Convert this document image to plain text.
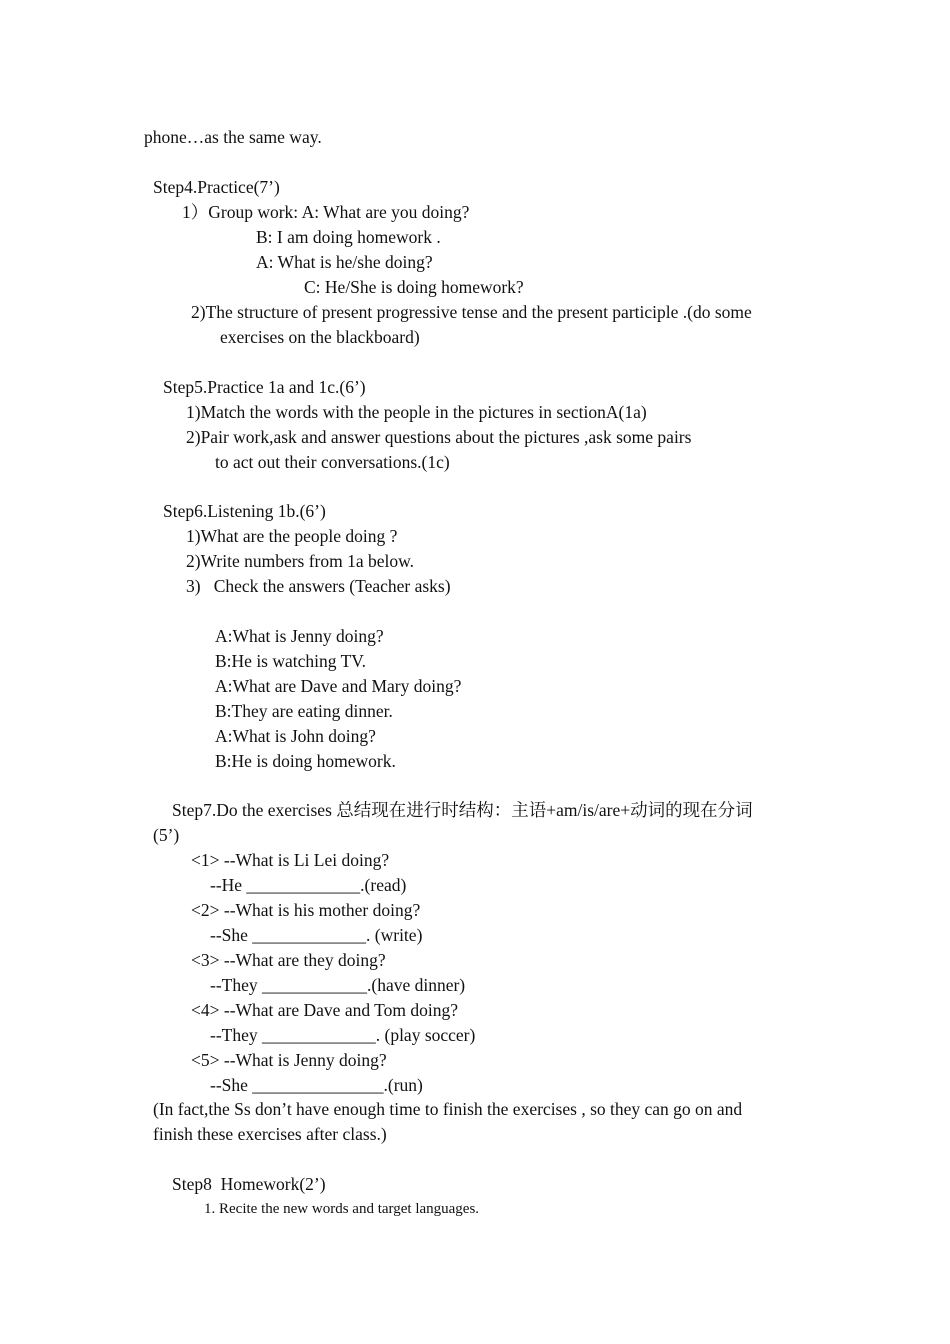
phone…as the same way.
Step4.Practice(7’)
1）Group work: A: What are you doing?
B: I am doing homework .
A: What is he/she doing?
C: He/She is doing homework?
2)The structure of present progressive tense and the present participle .(do some
exercises on the blackboard)
Step5.Practice 1a and 1c.(6’)
1)Match the words with the people in the pictures in sectionA(1a)
2)Pair work,ask and answer questions about the pictures ,ask some pairs
to act out their conversations.(1c)
Step6.Listening 1b.(6’)
1)What are the people doing ?
2)Write numbers from 1a below.
3)   Check the answers (Teacher asks)
A:What is Jenny doing?
B:He is watching TV.
A:What are Dave and Mary doing?
B:They are eating dinner.
A:What is John doing?
B:He is doing homework.
Step7.Do the exercises 总结现在进行时结构：主语+am/is/are+动词的现在分词
(5’)
<1> --What is Li Lei doing?
--He _____________.(read)
<2> --What is his mother doing?
--She _____________. (write)
<3> --What are they doing?
--They ____________.(have dinner)
<4> --What are Dave and Tom doing?
--They _____________. (play soccer)
<5> --What is Jenny doing?
--She _______________.(run)
(In fact,the Ss don’t have enough time to finish the exercises , so they can go on and
finish these exercises after class.)
Step8  Homework(2’)
1. Recite the new words and target languages.
